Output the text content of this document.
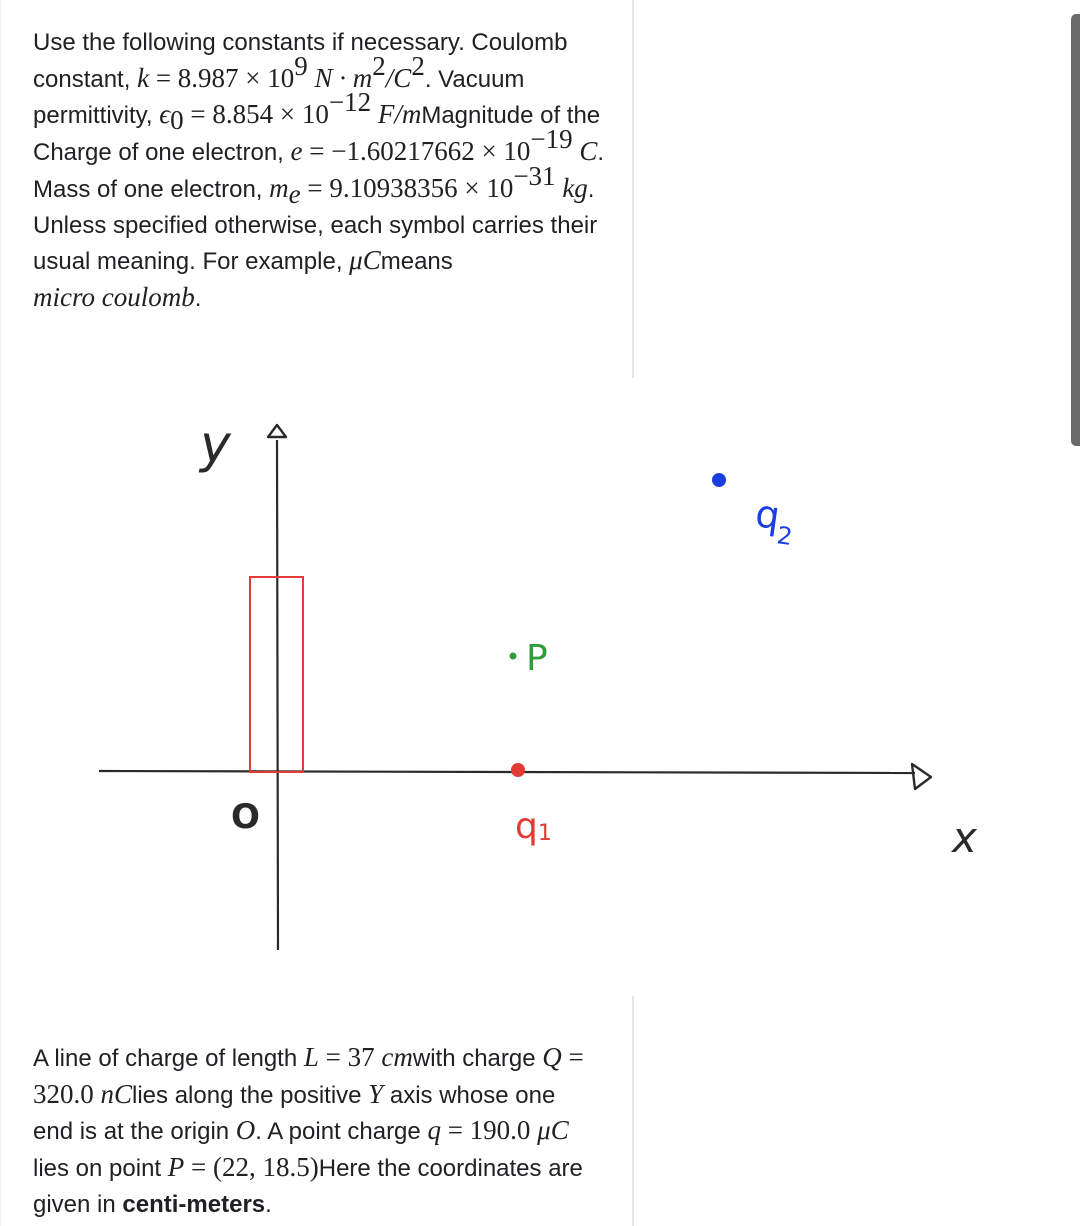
Use the following constants if necessary. Coulomb constant, $k = 8.987 \times 10^9$ $N \cdot m^2/C^2$. Vacuum permittivity, $\epsilon_0 = 8.854 \times 10^{-12}$ F/mMagnitude of the Charge of one electron, $e = -1.60217662 \times 10^{-19}$ C. Mass of one electron, $m_e = 9.10938356 \times 10^{-31}$ kg. Unless specified otherwise, each symbol carries their usual meaning. For example, μCmeans
micro coulomb.

y
x
O
P
q1
$q_2$

A line of charge of length L = 37 cmwith charge Q = 320.0 nClies along the positive Y axis whose one end is at the origin O. A point charge q = 190.0 μC lies on point P = (22, 18.5)Here the coordinates are given in centi-meters.
